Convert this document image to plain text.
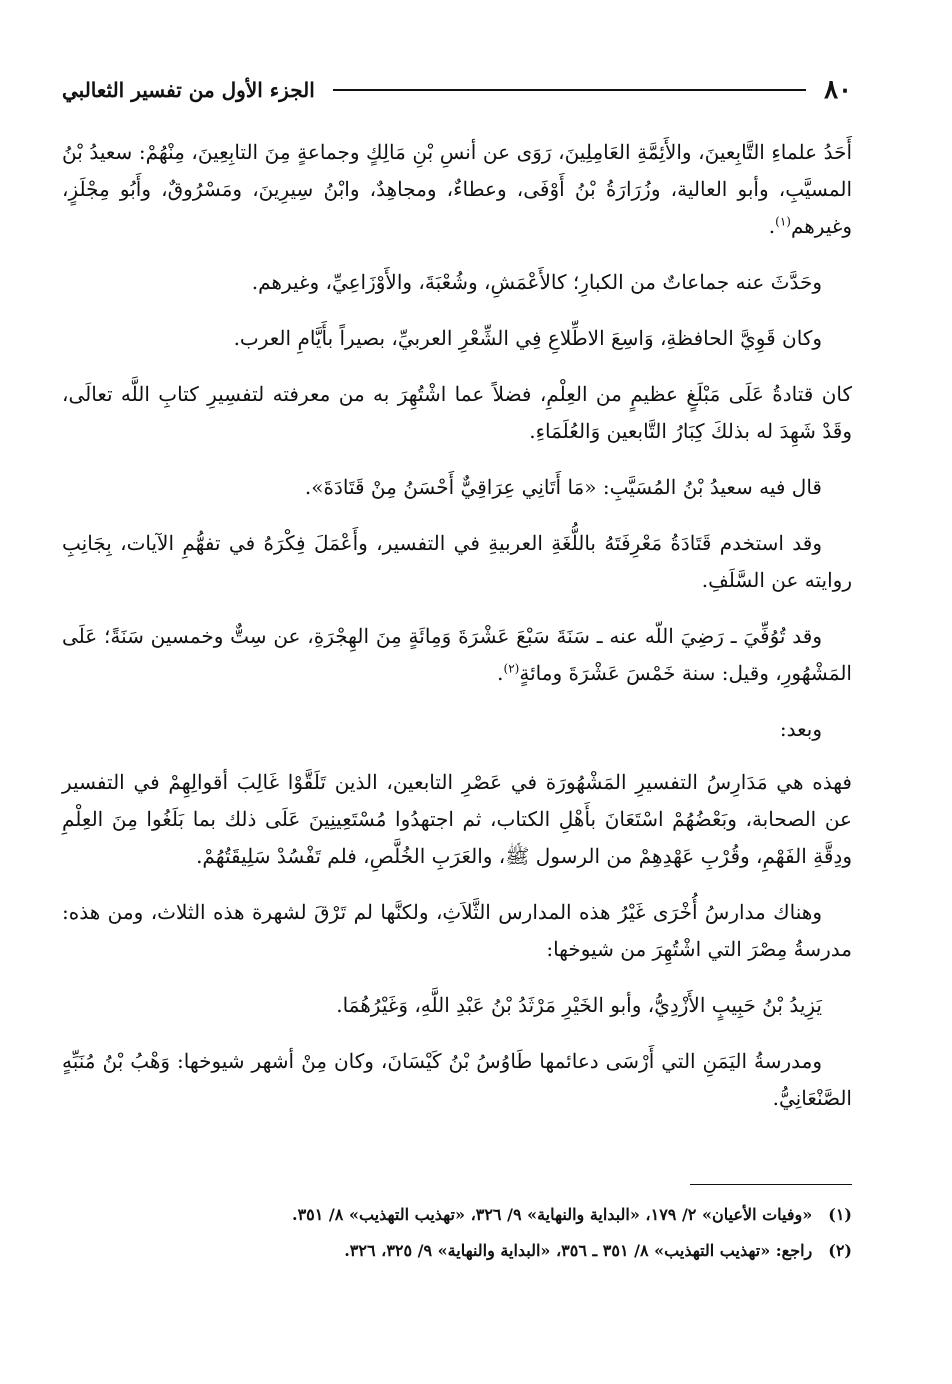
٨٠
الجزء الأول من تفسير الثعالبي

أَحَدُ علماءِ التَّابِعينَ، والأَئِمَّةِ العَامِلِينَ، رَوَى عن أنسِ بْنِ مَالِكٍ وجماعةٍ مِنَ التابِعِينَ، مِنْهُمْ: سعيدُ بْنُ المسيَّبِ، وأبو العالية، وزُرَارَةُ بْنُ أَوْفَى، وعطاءٌ، ومجاهِدٌ، وابْنُ سِيرِينَ، ومَسْرُوقٌ، وأَبُو مِجْلَزٍ، وغيرهم$^{(١)}$.

وحَدَّثَ عنه جماعاتٌ من الكبارِ؛ كالأَعْمَشِ، وشُعْبَةَ، والأَوْزَاعِيِّ، وغيرهم.

وكان قَوِيَّ الحافظةِ، وَاسِعَ الاطِّلاعِ فِي الشِّعْرِ العربيِّ، بصيراً بأَيَّامِ العرب.

كان قتادةُ عَلَى مَبْلَغٍ عظيمٍ من العِلْمِ، فضلاً عما اشْتُهِرَ به من معرفته لتفسِيرِ كتابِ اللَّه تعالَى، وقَدْ شَهِدَ له بذلكَ كِبَارُ التَّابعين وَالعُلَمَاءِ.

قال فيه سعيدُ بْنُ المُسَيَّبِ: «مَا أَتَانِي عِرَاقِيٌّ أَحْسَنُ مِنْ قَتَادَةَ».

وقد استخدم قَتَادَةُ مَعْرِفَتَهُ باللُّغَةِ العربيةِ في التفسير، وأَعْمَلَ فِكْرَهُ في تفهُّمِ الآيات، بِجَانِبِ روايته عن السَّلَفِ.

وقد تُوُفِّيَ ـ رَضِيَ اللّه عنه ـ سَنَةَ سَبْعَ عَشْرَةَ وَمِائَةٍ مِنَ الهِجْرَةِ، عن سِتٌّ وخمسين سَنَةً؛ عَلَى المَشْهُورِ، وقيل: سنة خَمْسَ عَشْرَةَ ومائةٍ$^{(٢)}$.

وبعد:

فهذه هي مَدَارِسُ التفسيرِ المَشْهُورَة في عَصْرِ التابعين، الذين تَلَقَّوْا غَالِبَ أقوالِهِمْ في التفسير عن الصحابة، وبَعْضُهُمْ اسْتَعَانَ بأَهْلِ الكتاب، ثم اجتهدُوا مُسْتَعِينِينَ عَلَى ذلك بما بَلَغُوا مِنَ العِلْمِ ودِقَّةِ الفَهْمِ، وقُرْبِ عَهْدِهِمْ من الرسول ﷺ، والعَرَبِ الخُلَّصِ، فلم تَفْسُدْ سَلِيقَتُهُمْ.

وهناك مدارسُ أُخْرَى غَيْرُ هذه المدارس الثَّلاَثِ، ولكنَّها لم تَرْقَ لشهرة هذه الثلاث، ومن هذه: مدرسةُ مِصْرَ التي اشْتُهِرَ من شيوخها:

يَزِيدُ بْنُ حَبِيبٍ الأَزْدِيُّ، وأبو الخَيْرِ مَرْثَدُ بْنُ عَبْدِ اللَّهِ، وَغَيْرُهُمَا.

ومدرسةُ اليَمَنِ التي أَرْسَى دعائمها طَاوُسُ بْنُ كَيْسَانَ، وكان مِنْ أشهر شيوخها: وَهْبُ بْنُ مُنَبِّهٍ الصَّنْعَانِيُّ.

(١)
«وفيات الأعيان» ٢/ ١٧٩، «البداية والنهاية» ٩/ ٣٢٦، «تهذيب التهذيب» ٨/ ٣٥١.
(٢)
راجع: «تهذيب التهذيب» ٨/ ٣٥١ ـ ٣٥٦، «البداية والنهاية» ٩/ ٣٢٥، ٣٢٦.
